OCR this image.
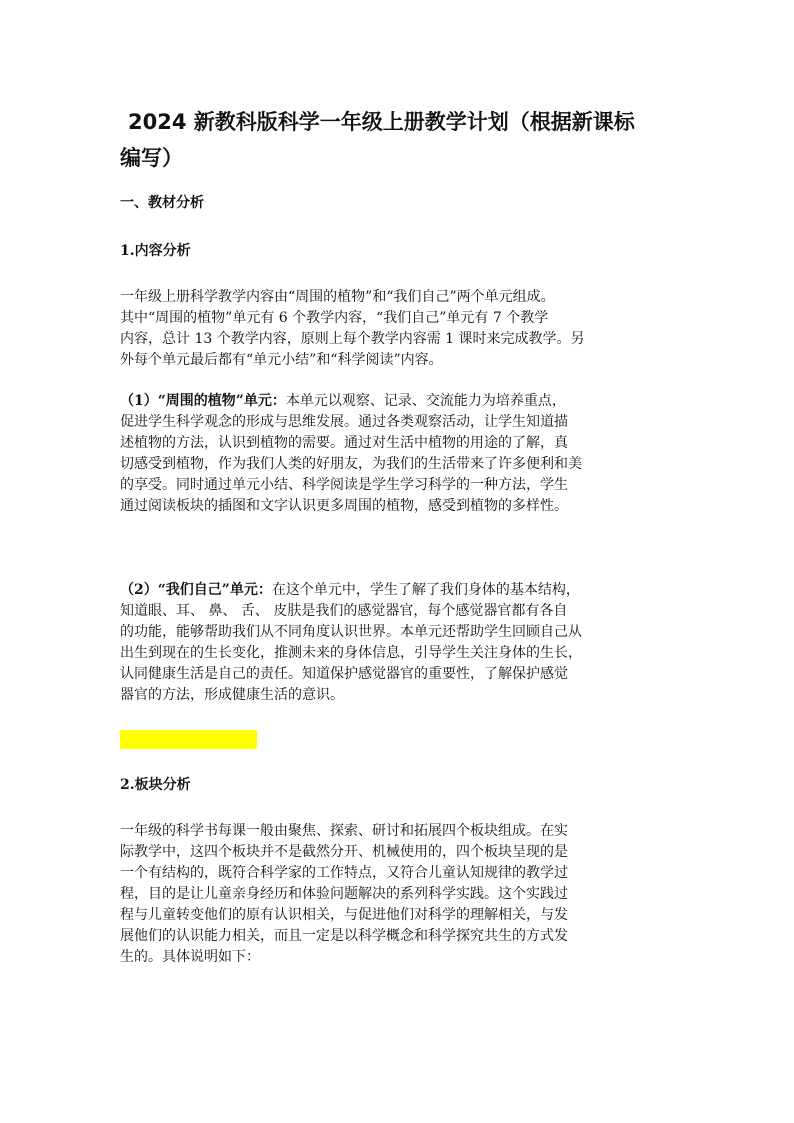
2024 新教科版科学一年级上册教学计划（根据新课标
编写）

一、教材分析

1.内容分析

一年级上册科学教学内容由“周围的植物”和“我们自己”两个单元组成。
其中“周围的植物”单元有 6 个教学内容，“我们自己”单元有 7 个教学
内容，总计 13 个教学内容，原则上每个教学内容需 1 课时来完成教学。另
外每个单元最后都有“单元小结”和“科学阅读”内容。

（1）“周围的植物”单元：本单元以观察、记录、交流能力为培养重点，
促进学生科学观念的形成与思维发展。通过各类观察活动，让学生知道描
述植物的方法，认识到植物的需要。通过对生活中植物的用途的了解，真
切感受到植物，作为我们人类的好朋友，为我们的生活带来了许多便利和美
的享受。同时通过单元小结、科学阅读是学生学习科学的一种方法，学生
通过阅读板块的插图和文字认识更多周围的植物，感受到植物的多样性。

（2）“我们自己”单元：在这个单元中，学生了解了我们身体的基本结构，
知道眼、耳、 鼻、 舌、 皮肤是我们的感觉器官，每个感觉器官都有各自
的功能，能够帮助我们从不同角度认识世界。本单元还帮助学生回顾自己从
出生到现在的生长变化，推测未来的身体信息，引导学生关注身体的生长，
认同健康生活是自己的责任。知道保护感觉器官的重要性，了解保护感觉
器官的方法，形成健康生活的意识。

2.板块分析

一年级的科学书每课一般由聚焦、探索、研讨和拓展四个板块组成。在实
际教学中，这四个板块并不是截然分开、机械使用的，四个板块呈现的是
一个有结构的，既符合科学家的工作特点，又符合儿童认知规律的教学过
程，目的是让儿童亲身经历和体验问题解决的系列科学实践。这个实践过
程与儿童转变他们的原有认识相关，与促进他们对科学的理解相关，与发
展他们的认识能力相关，而且一定是以科学概念和科学探究共生的方式发
生的。具体说明如下：
